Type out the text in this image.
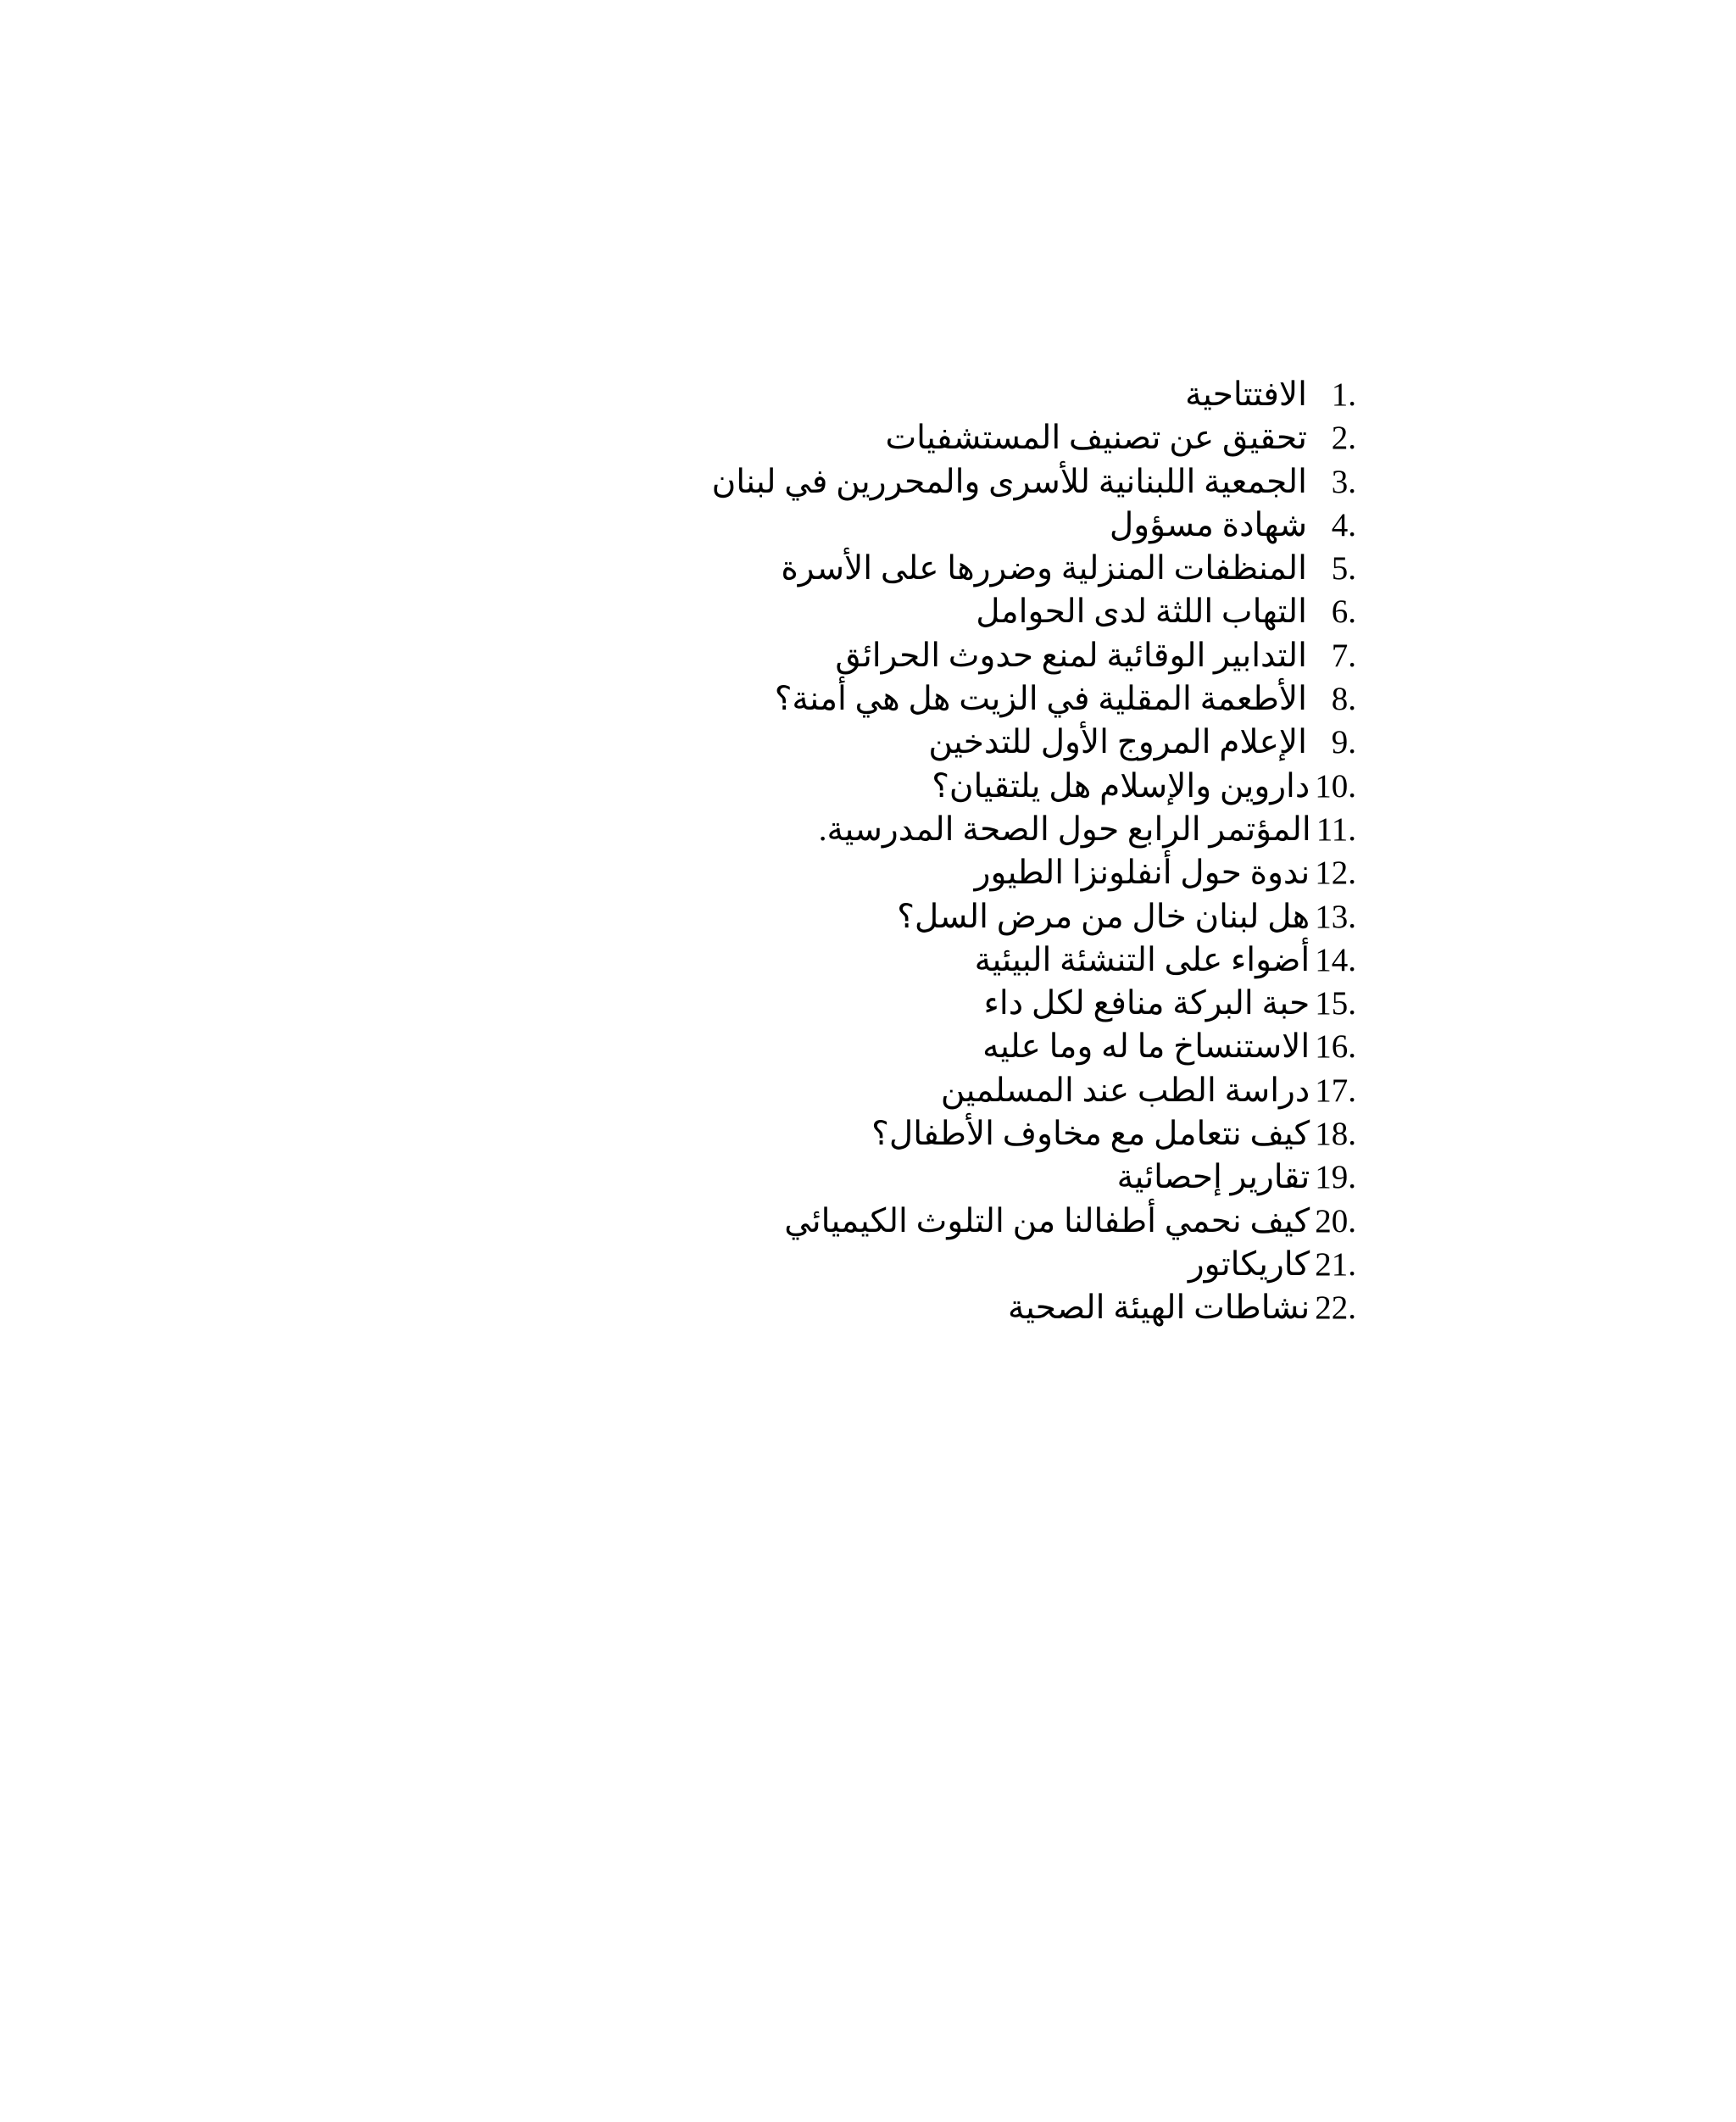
1.الافتتاحية
2.تحقيق عن تصنيف المستشفيات
3.الجمعية اللبنانية للأسرى والمحررين في لبنان
4.شهادة مسؤول
5.المنظفات المنزلية وضررها على الأسرة
6.التهاب اللثة لدى الحوامل
7.التدابير الوقائية لمنع حدوث الحرائق
8.الأطعمة المقلية في الزيت هل هي أمنة؟
9.الإعلام المروج الأول للتدخين
10.داروين والإسلام هل يلتقيان؟
11.المؤتمر الرابع حول الصحة المدرسية.
12.ندوة حول أنفلونزا الطيور
13.هل لبنان خال من مرض السل؟
14.أضواء على التنشئة البيئية
15.حبة البركة منافع لكل داء
16.الاستنساخ ما له وما عليه
17.دراسة الطب عند المسلمين
18.كيف نتعامل مع مخاوف الأطفال؟
19.تقارير إحصائية
20.كيف نحمي أطفالنا من التلوث الكيميائي
21.كاريكاتور
22.نشاطات الهيئة الصحية
